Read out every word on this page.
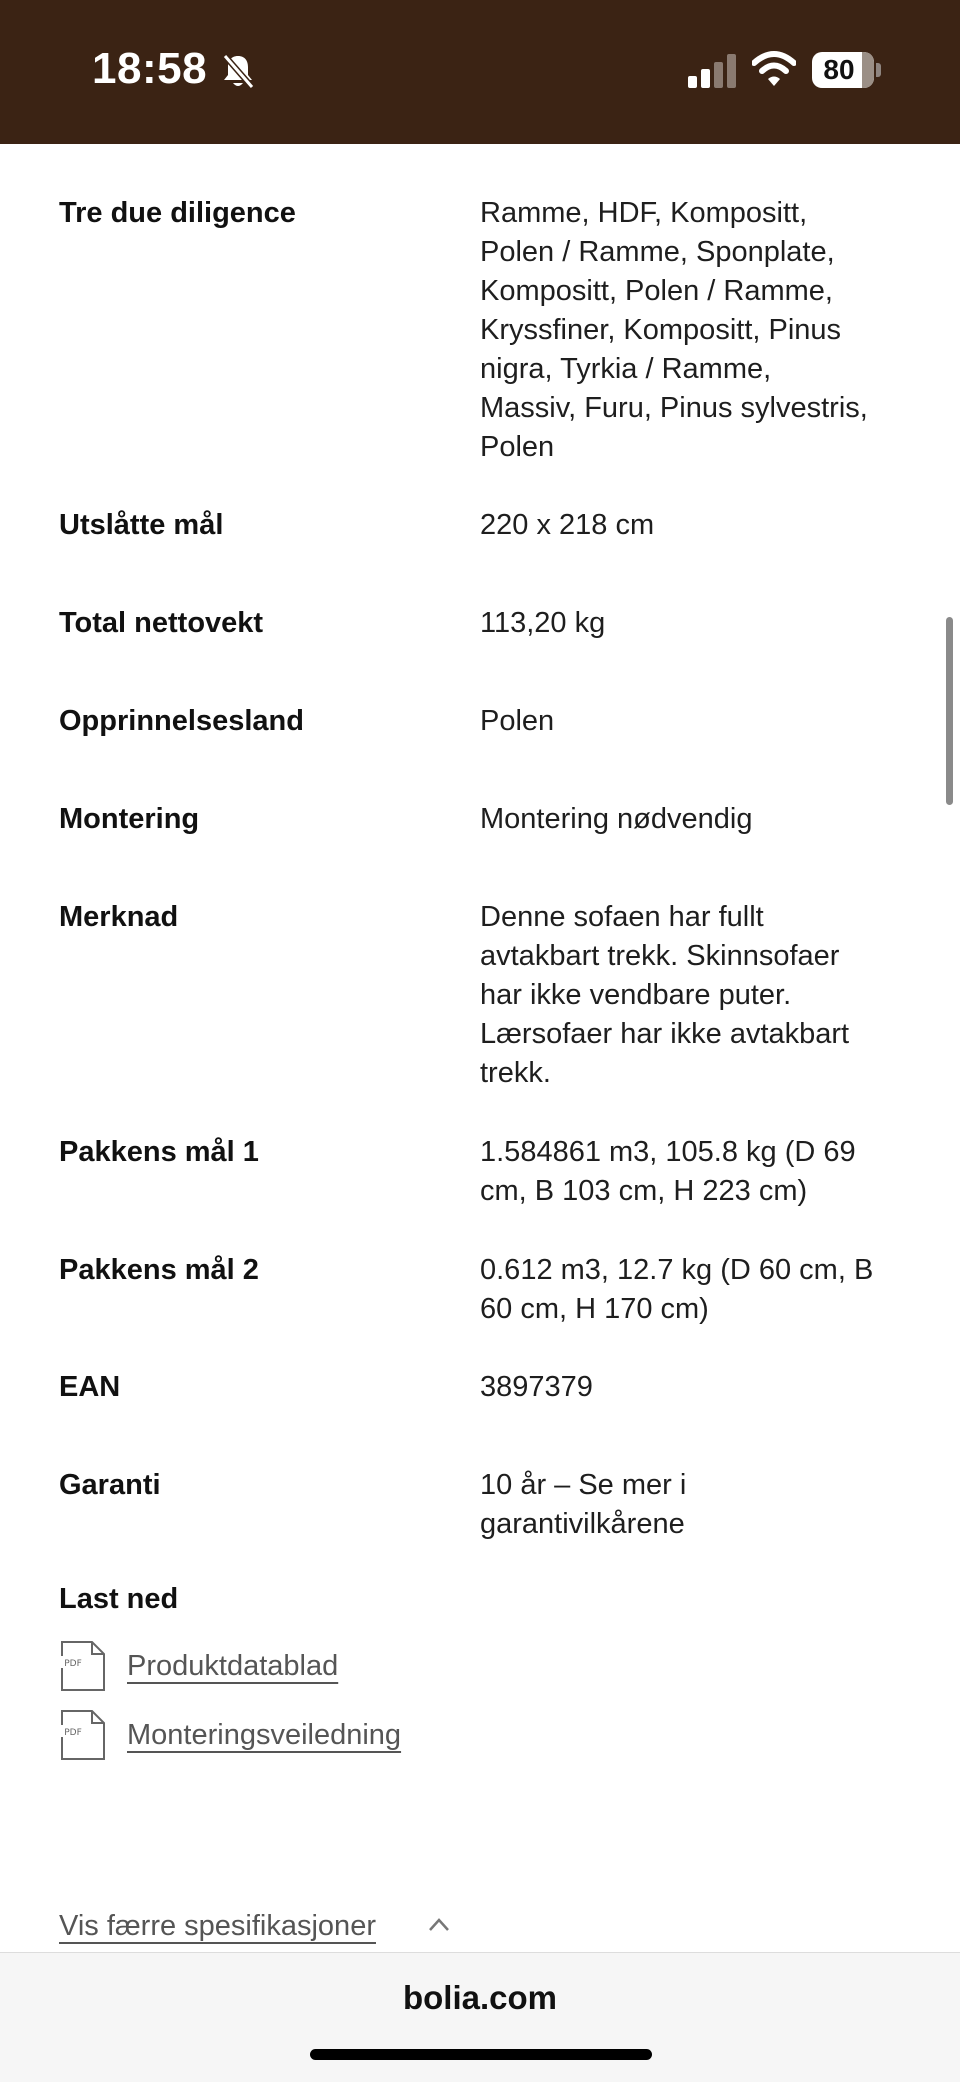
18:58	80
Tre due diligence	Ramme, HDF, Kompositt,
Polen / Ramme, Sponplate,
Kompositt, Polen / Ramme,
Kryssfiner, Kompositt, Pinus
nigra, Tyrkia / Ramme,
Massiv, Furu, Pinus sylvestris,
Polen
Utslåtte mål	220 x 218 cm
Total nettovekt	113,20 kg
Opprinnelsesland	Polen
Montering	Montering nødvendig
Merknad	Denne sofaen har fullt
avtakbart trekk. Skinnsofaer
har ikke vendbare puter.
Lærsofaer har ikke avtakbart
trekk.
Pakkens mål 1	1.584861 m3, 105.8 kg (D 69
cm, B 103 cm, H 223 cm)
Pakkens mål 2	0.612 m3, 12.7 kg (D 60 cm, B
60 cm, H 170 cm)
EAN	3897379
Garanti	10 år – Se mer i
garantivilkårene
Last ned
PDF Produktdatablad
PDF Monteringsveiledning
Vis færre spesifikasjoner
bolia.com
